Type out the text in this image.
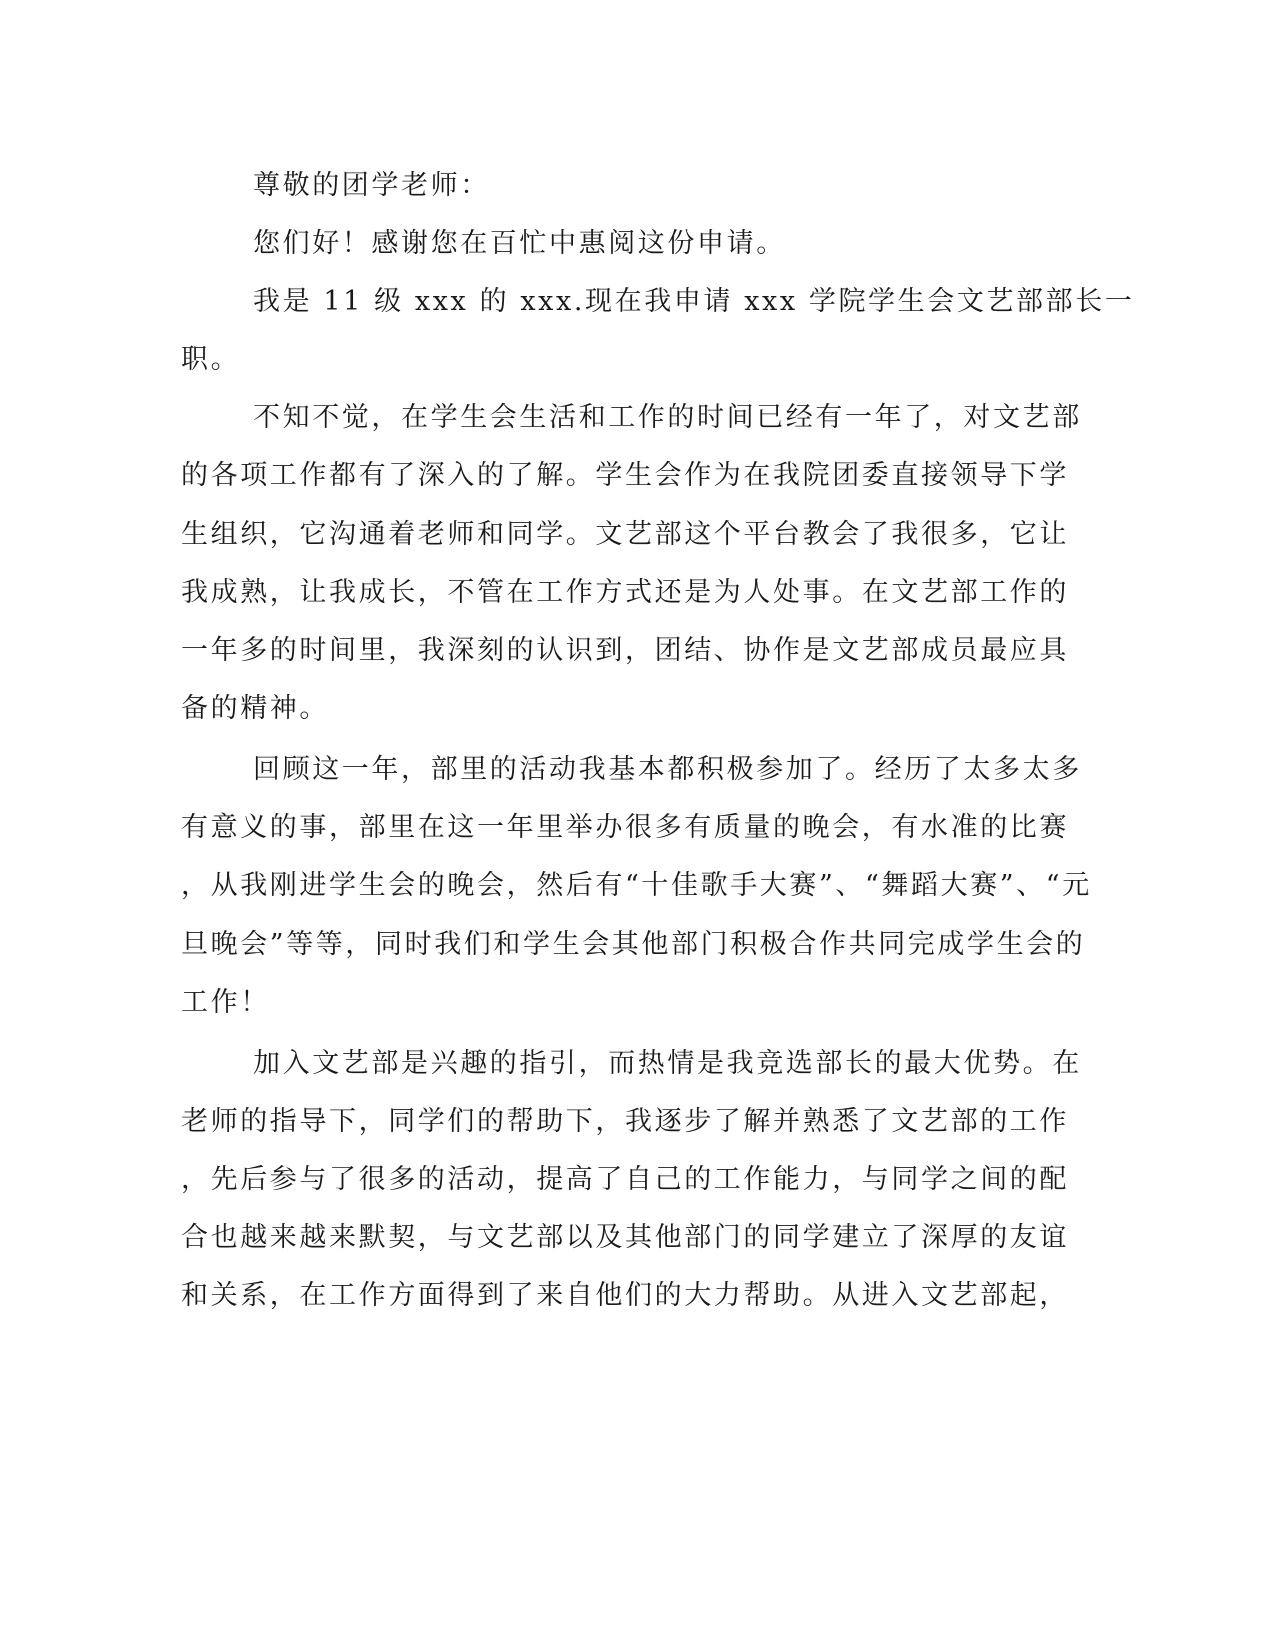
尊敬的团学老师：
您们好！感谢您在百忙中惠阅这份申请。
我是 11 级 xxx 的 xxx.现在我申请 xxx 学院学生会文艺部部长一
职。
不知不觉，在学生会生活和工作的时间已经有一年了，对文艺部
的各项工作都有了深入的了解。学生会作为在我院团委直接领导下学
生组织，它沟通着老师和同学。文艺部这个平台教会了我很多，它让
我成熟，让我成长，不管在工作方式还是为人处事。在文艺部工作的
一年多的时间里，我深刻的认识到，团结、协作是文艺部成员最应具
备的精神。
回顾这一年，部里的活动我基本都积极参加了。经历了太多太多
有意义的事，部里在这一年里举办很多有质量的晚会，有水准的比赛
，从我刚进学生会的晚会，然后有“十佳歌手大赛”、“舞蹈大赛”、“元
旦晚会”等等，同时我们和学生会其他部门积极合作共同完成学生会的
工作！
加入文艺部是兴趣的指引，而热情是我竞选部长的最大优势。在
老师的指导下，同学们的帮助下，我逐步了解并熟悉了文艺部的工作
，先后参与了很多的活动，提高了自己的工作能力，与同学之间的配
合也越来越来默契，与文艺部以及其他部门的同学建立了深厚的友谊
和关系，在工作方面得到了来自他们的大力帮助。从进入文艺部起，
